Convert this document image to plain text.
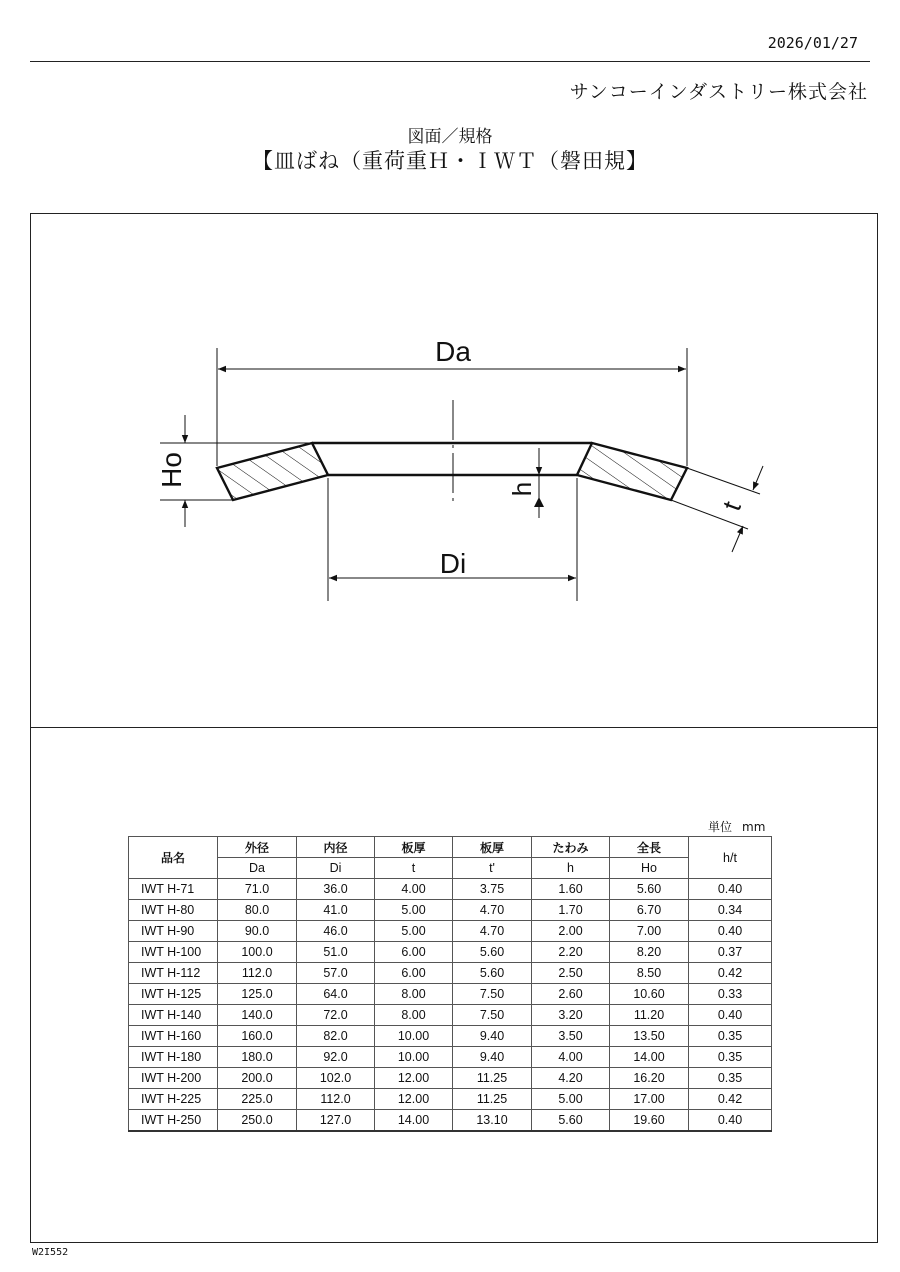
2026/01/27
サンコーインダストリー株式会社
図面／規格
【皿ばね（重荷重Ｈ・ＩＷＴ（磐田規】
Da
Di
Ho
h
t
単位 mm
品名	外径	内径	板厚	板厚	たわみ	全長	h/t
	Da	Di	t	t'	h	Ho	
IWT H-71	71.0	36.0	4.00	3.75	1.60	5.60	0.40
IWT H-80	80.0	41.0	5.00	4.70	1.70	6.70	0.34
IWT H-90	90.0	46.0	5.00	4.70	2.00	7.00	0.40
IWT H-100	100.0	51.0	6.00	5.60	2.20	8.20	0.37
IWT H-112	112.0	57.0	6.00	5.60	2.50	8.50	0.42
IWT H-125	125.0	64.0	8.00	7.50	2.60	10.60	0.33
IWT H-140	140.0	72.0	8.00	7.50	3.20	11.20	0.40
IWT H-160	160.0	82.0	10.00	9.40	3.50	13.50	0.35
IWT H-180	180.0	92.0	10.00	9.40	4.00	14.00	0.35
IWT H-200	200.0	102.0	12.00	11.25	4.20	16.20	0.35
IWT H-225	225.0	112.0	12.00	11.25	5.00	17.00	0.42
IWT H-250	250.0	127.0	14.00	13.10	5.60	19.60	0.40
W2I552
